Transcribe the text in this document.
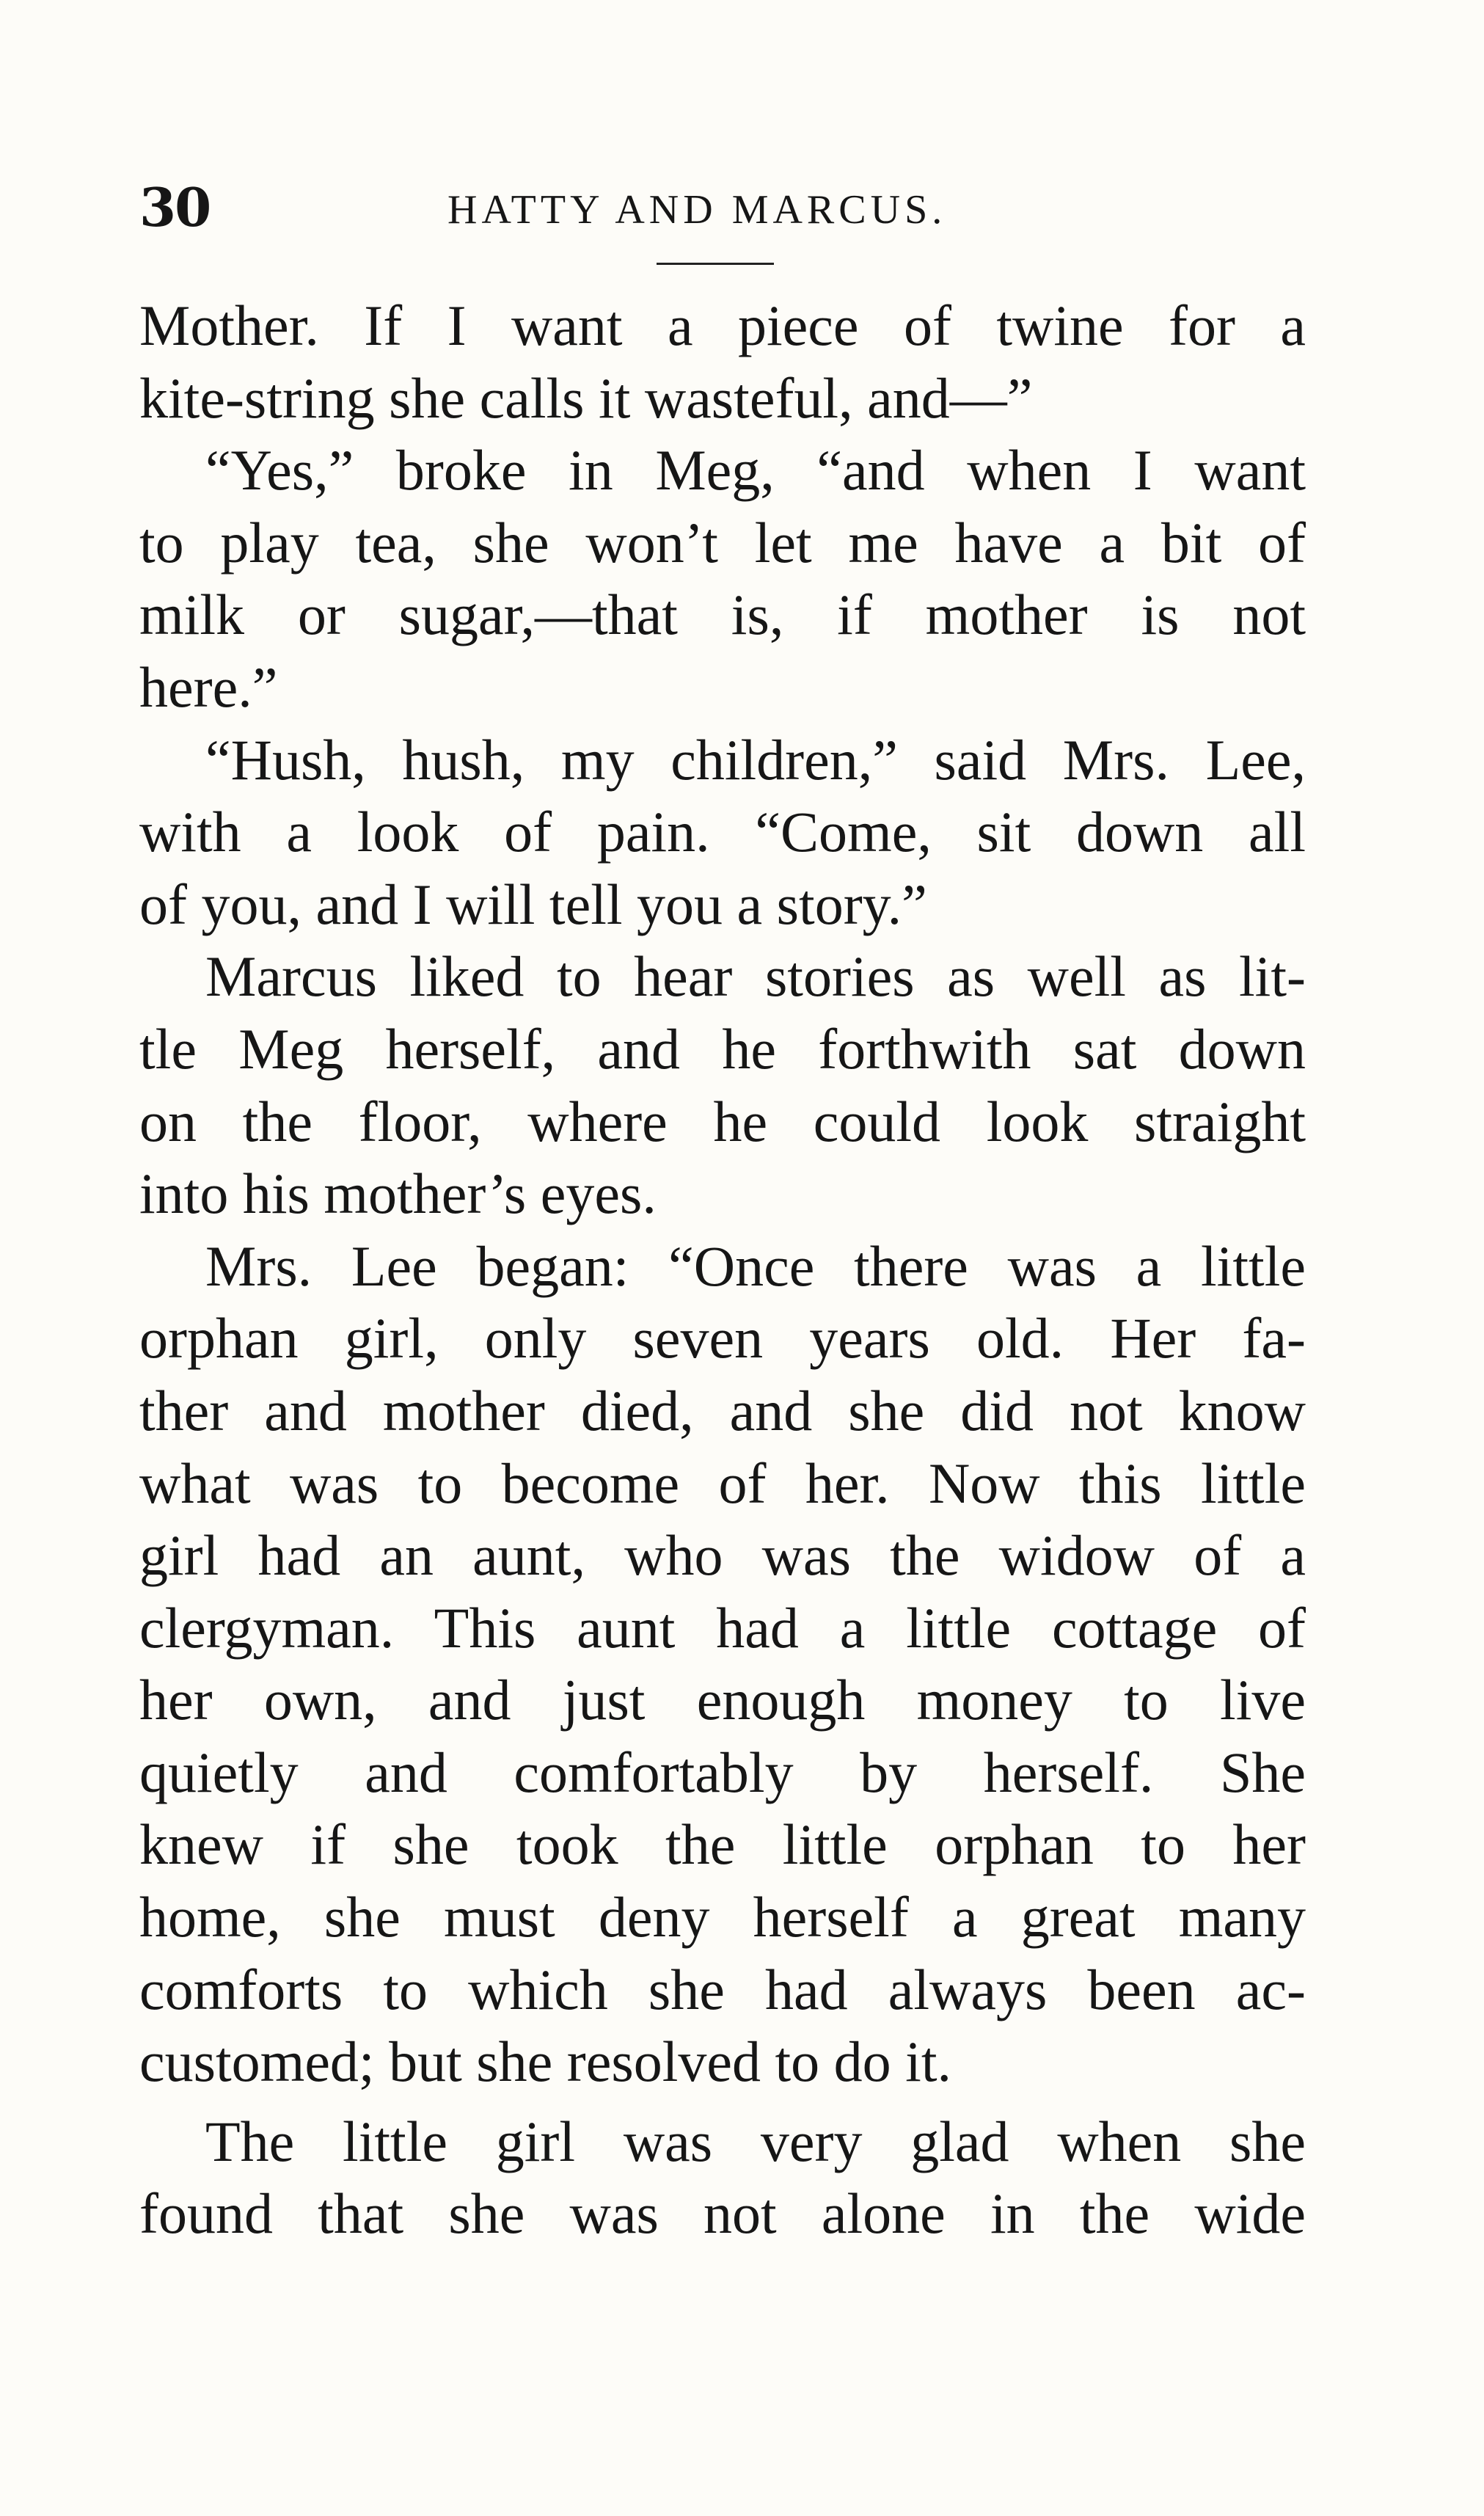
30	HATTY AND MARCUS.
Mother. If I want a piece of twine for a
kite-string she calls it wasteful, and—”
“Yes,” broke in Meg, “and when I want
to play tea, she won’t let me have a bit of
milk or sugar,—that is, if mother is not
here.”
“Hush, hush, my children,” said Mrs. Lee,
with a look of pain. “Come, sit down all
of you, and I will tell you a story.”
Marcus liked to hear stories as well as lit-
tle Meg herself, and he forthwith sat down
on the floor, where he could look straight
into his mother’s eyes.
Mrs. Lee began: “Once there was a little
orphan girl, only seven years old. Her fa-
ther and mother died, and she did not know
what was to become of her. Now this little
girl had an aunt, who was the widow of a
clergyman. This aunt had a little cottage of
her own, and just enough money to live
quietly and comfortably by herself. She
knew if she took the little orphan to her
home, she must deny herself a great many
comforts to which she had always been ac-
customed; but she resolved to do it.
The little girl was very glad when she
found that she was not alone in the wide
